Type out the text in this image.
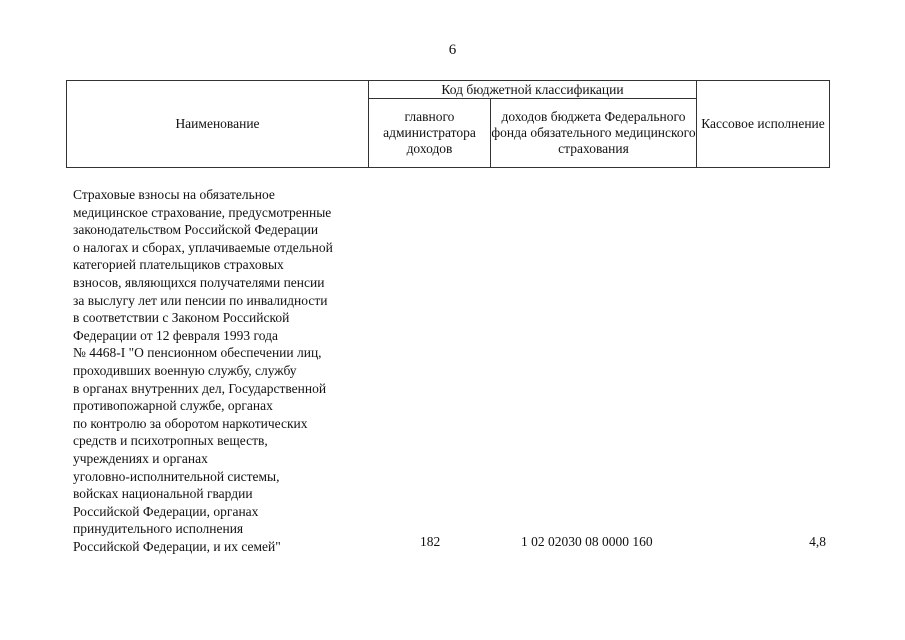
6
Наименование
Код бюджетной классификации
главного администратора доходов
доходов бюджета Федерального фонда обязательного медицинского страхования
Кассовое исполнение
Страховые взносы на обязательное
медицинское страхование, предусмотренные
законодательством Российской Федерации
о налогах и сборах, уплачиваемые отдельной
категорией плательщиков страховых
взносов, являющихся получателями пенсии
за выслугу лет или пенсии по инвалидности
в соответствии с Законом Российской
Федерации от 12 февраля 1993 года
№ 4468-I "О пенсионном обеспечении лиц,
проходивших военную службу, службу
в органах внутренних дел, Государственной
противопожарной службе, органах
по контролю за оборотом наркотических
средств и психотропных веществ,
учреждениях и органах
уголовно-исполнительной системы,
войсках национальной гвардии
Российской Федерации, органах
принудительного исполнения
Российской Федерации, и их семей"	182	1 02 02030 08 0000 160	4,8
